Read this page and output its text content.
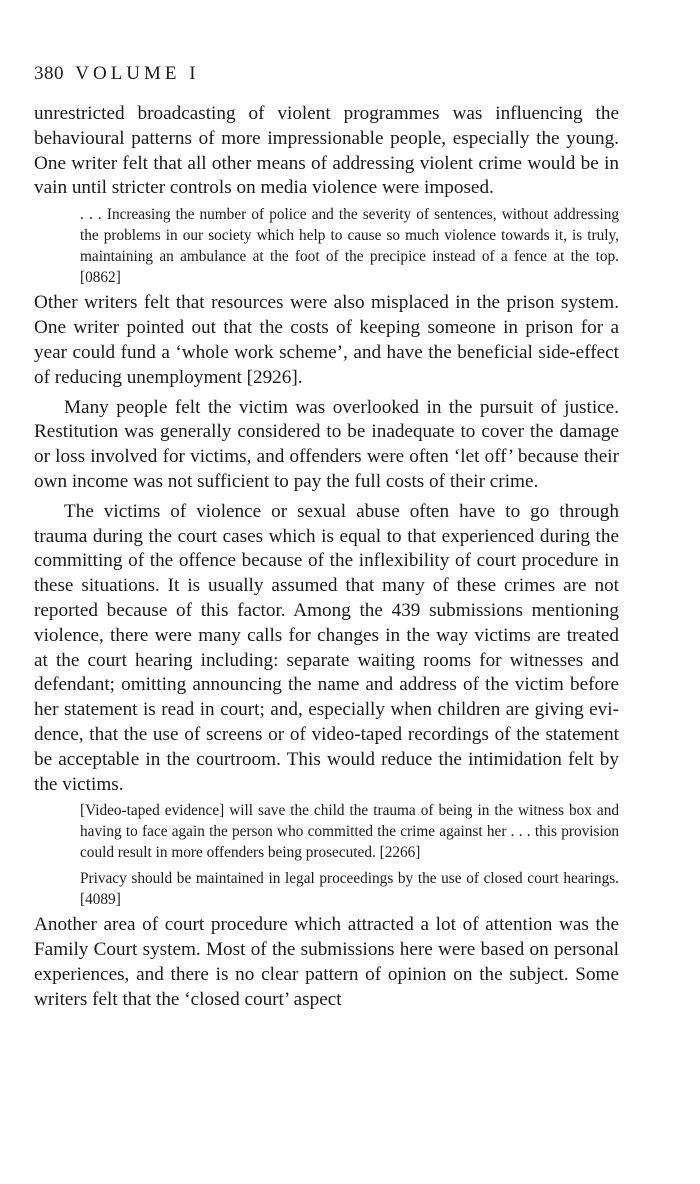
380 VOLUME I

unrestricted broadcasting of violent programmes was influencing the behavioural patterns of more impressionable people, especially the young. One writer felt that all other means of addressing violent crime would be in vain until stricter controls on media violence were imposed.

. . . Increasing the number of police and the severity of sentences, without addressing the problems in our society which help to cause so much violence towards it, is truly, maintaining an ambulance at the foot of the precipice instead of a fence at the top. [0862]

Other writers felt that resources were also misplaced in the prison system. One writer pointed out that the costs of keeping someone in prison for a year could fund a ‘whole work scheme’, and have the beneficial side-effect of reducing unemployment [2926].

Many people felt the victim was overlooked in the pursuit of justice. Restitution was generally considered to be inadequate to cover the damage or loss involved for victims, and offenders were often ‘let off’ because their own income was not sufficient to pay the full costs of their crime.

The victims of violence or sexual abuse often have to go through trauma during the court cases which is equal to that experienced during the committing of the offence because of the inflexibility of court procedure in these situations. It is usually assumed that many of these crimes are not reported because of this factor. Among the 439 submissions mentioning violence, there were many calls for changes in the way victims are treated at the court hearing including: separate waiting rooms for witnesses and defendant; omitting announcing the name and address of the victim before her statement is read in court; and, especially when children are giving evidence, that the use of screens or of video-taped recordings of the statement be acceptable in the courtroom. This would reduce the intimidation felt by the victims.

[Video-taped evidence] will save the child the trauma of being in the witness box and having to face again the person who committed the crime against her . . . this provision could result in more offenders being prosecuted. [2266]
Privacy should be maintained in legal proceedings by the use of closed court hearings. [4089]

Another area of court procedure which attracted a lot of attention was the Family Court system. Most of the submissions here were based on personal experiences, and there is no clear pattern of opinion on the subject. Some writers felt that the ‘closed court’ aspect
